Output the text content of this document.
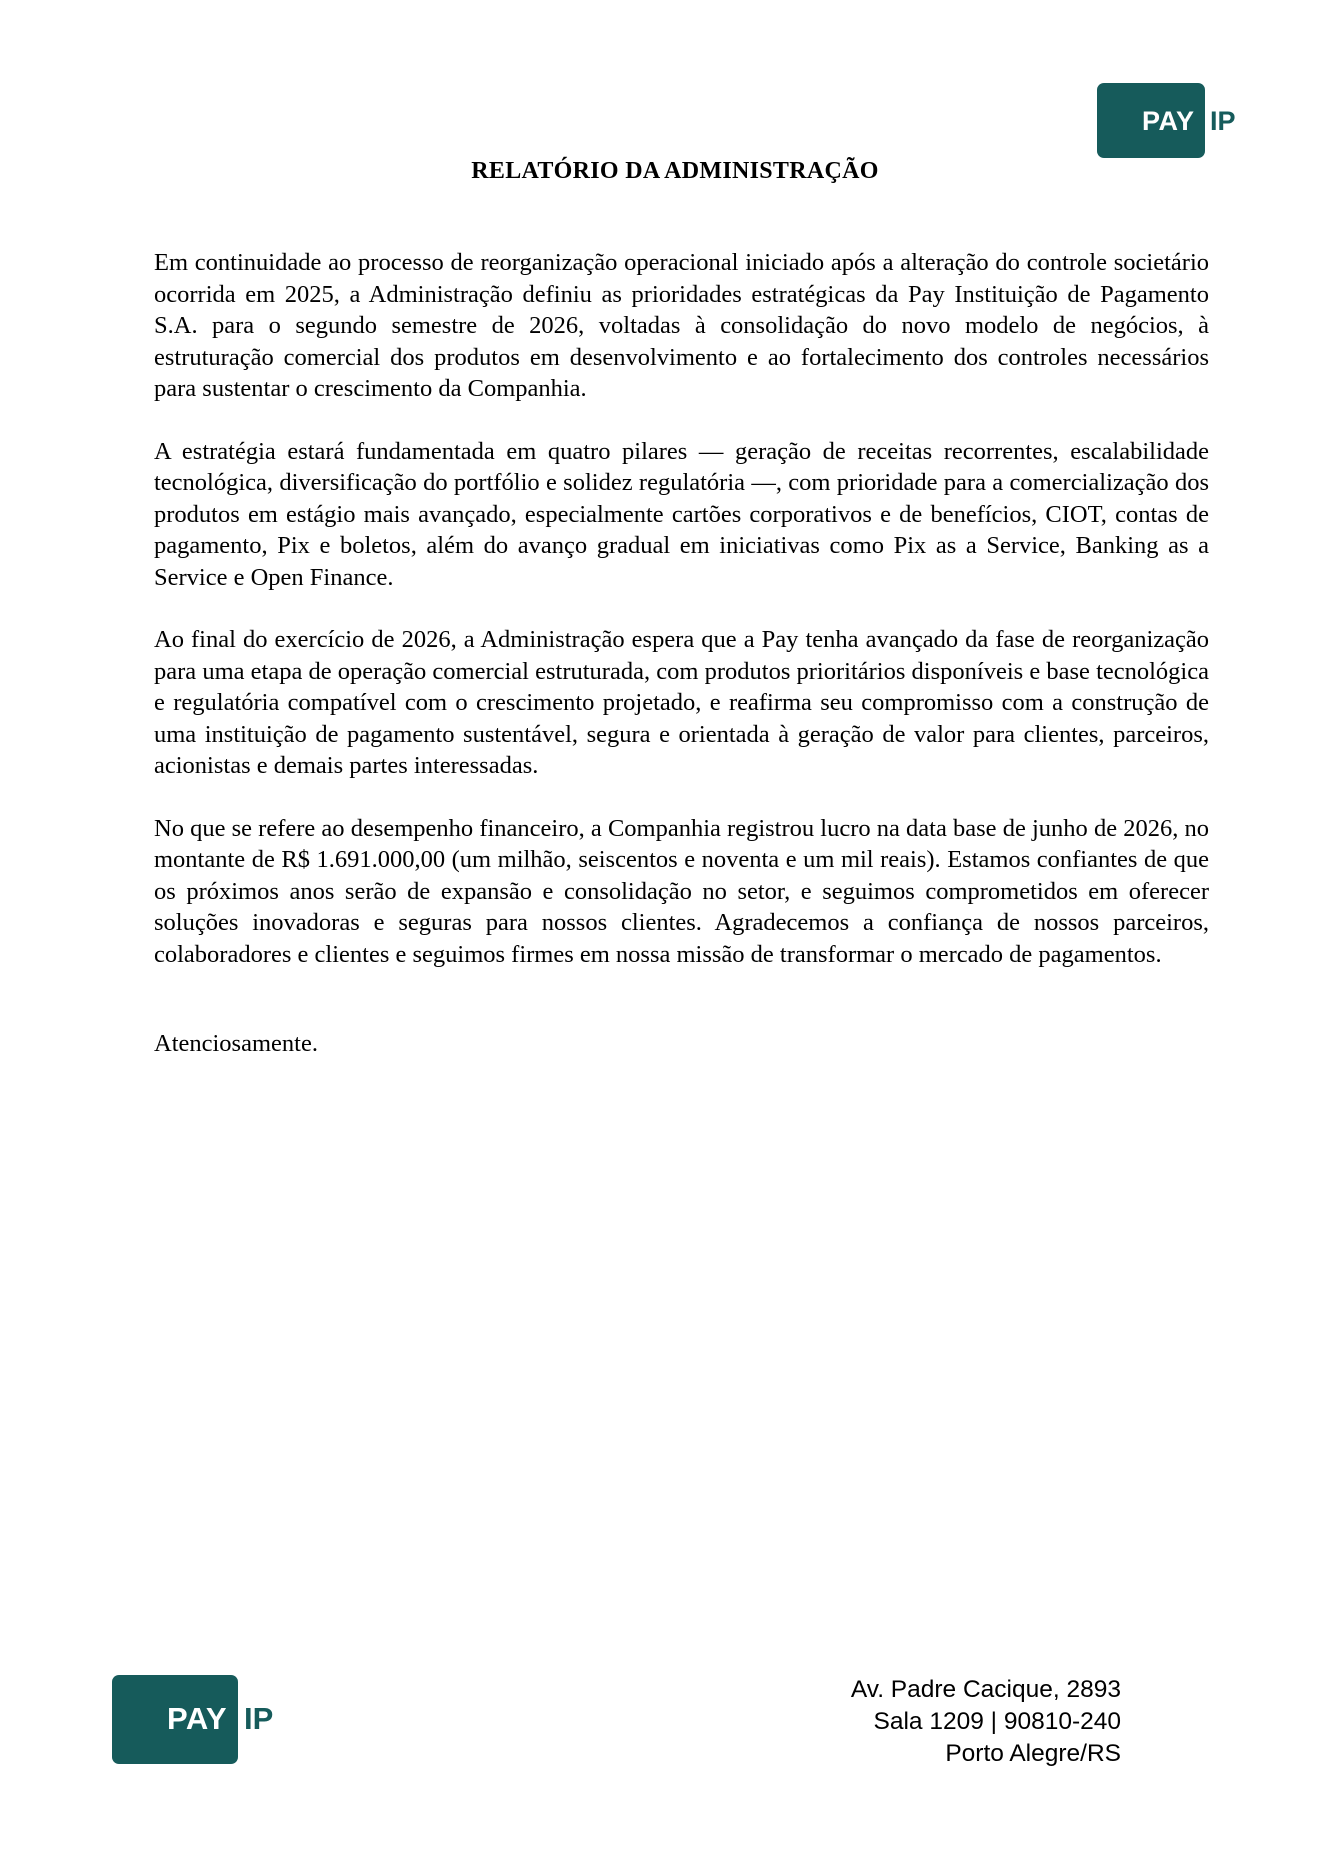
PAY IP
RELATÓRIO DA ADMINISTRAÇÃO

Em continuidade ao processo de reorganização operacional iniciado após a alteração do controle societário ocorrida em 2025, a Administração definiu as prioridades estratégicas da Pay Instituição de Pagamento S.A. para o segundo semestre de 2026, voltadas à consolidação do novo modelo de negócios, à estruturação comercial dos produtos em desenvolvimento e ao fortalecimento dos controles necessários para sustentar o crescimento da Companhia.

A estratégia estará fundamentada em quatro pilares — geração de receitas recorrentes, escalabilidade tecnológica, diversificação do portfólio e solidez regulatória —, com prioridade para a comercialização dos produtos em estágio mais avançado, especialmente cartões corporativos e de benefícios, CIOT, contas de pagamento, Pix e boletos, além do avanço gradual em iniciativas como Pix as a Service, Banking as a Service e Open Finance.

Ao final do exercício de 2026, a Administração espera que a Pay tenha avançado da fase de reorganização para uma etapa de operação comercial estruturada, com produtos prioritários disponíveis e base tecnológica e regulatória compatível com o crescimento projetado, e reafirma seu compromisso com a construção de uma instituição de pagamento sustentável, segura e orientada à geração de valor para clientes, parceiros, acionistas e demais partes interessadas.

No que se refere ao desempenho financeiro, a Companhia registrou lucro na data base de junho de 2026, no montante de R$ 1.691.000,00 (um milhão, seiscentos e noventa e um mil reais). Estamos confiantes de que os próximos anos serão de expansão e consolidação no setor, e seguimos comprometidos em oferecer soluções inovadoras e seguras para nossos clientes. Agradecemos a confiança de nossos parceiros, colaboradores e clientes e seguimos firmes em nossa missão de transformar o mercado de pagamentos.

Atenciosamente.

PAY IP
Av. Padre Cacique, 2893
Sala 1209 | 90810-240
Porto Alegre/RS
